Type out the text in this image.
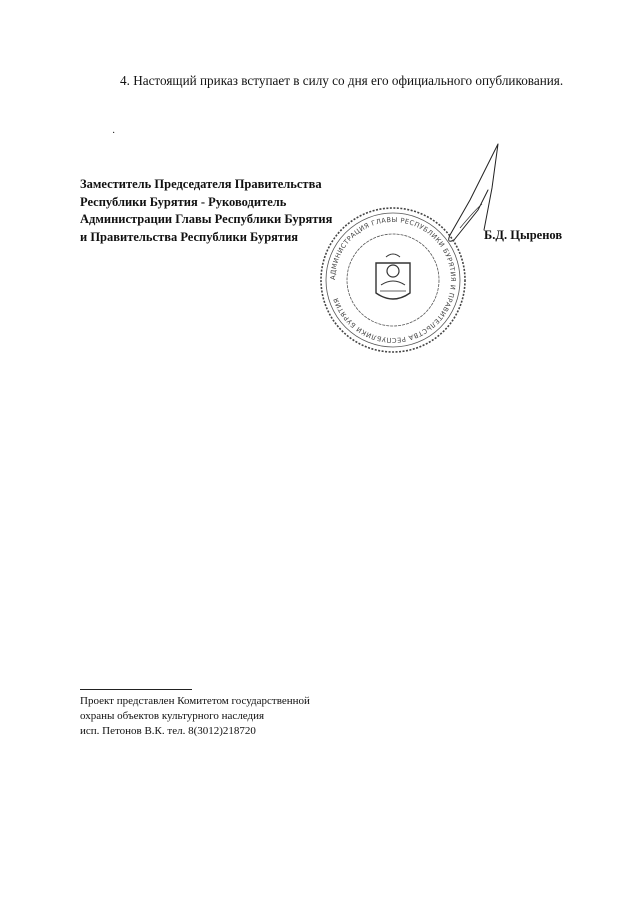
4. Настоящий приказ вступает в силу со дня его официального опубликования.
·
АДМИНИСТРАЦИЯ ГЛАВЫ РЕСПУБЛИКИ БУРЯТИЯ И ПРАВИТЕЛЬСТВА РЕСПУБЛИКИ БУРЯТИЯ
Заместитель Председателя Правительства
Республики Бурятия - Руководитель
Администрации Главы Республики Бурятия
и Правительства Республики Бурятия	Б.Д. Цыренов
Проект представлен Комитетом государственной
охраны объектов культурного наследия
исп. Петонов В.К. тел. 8(3012)218720
